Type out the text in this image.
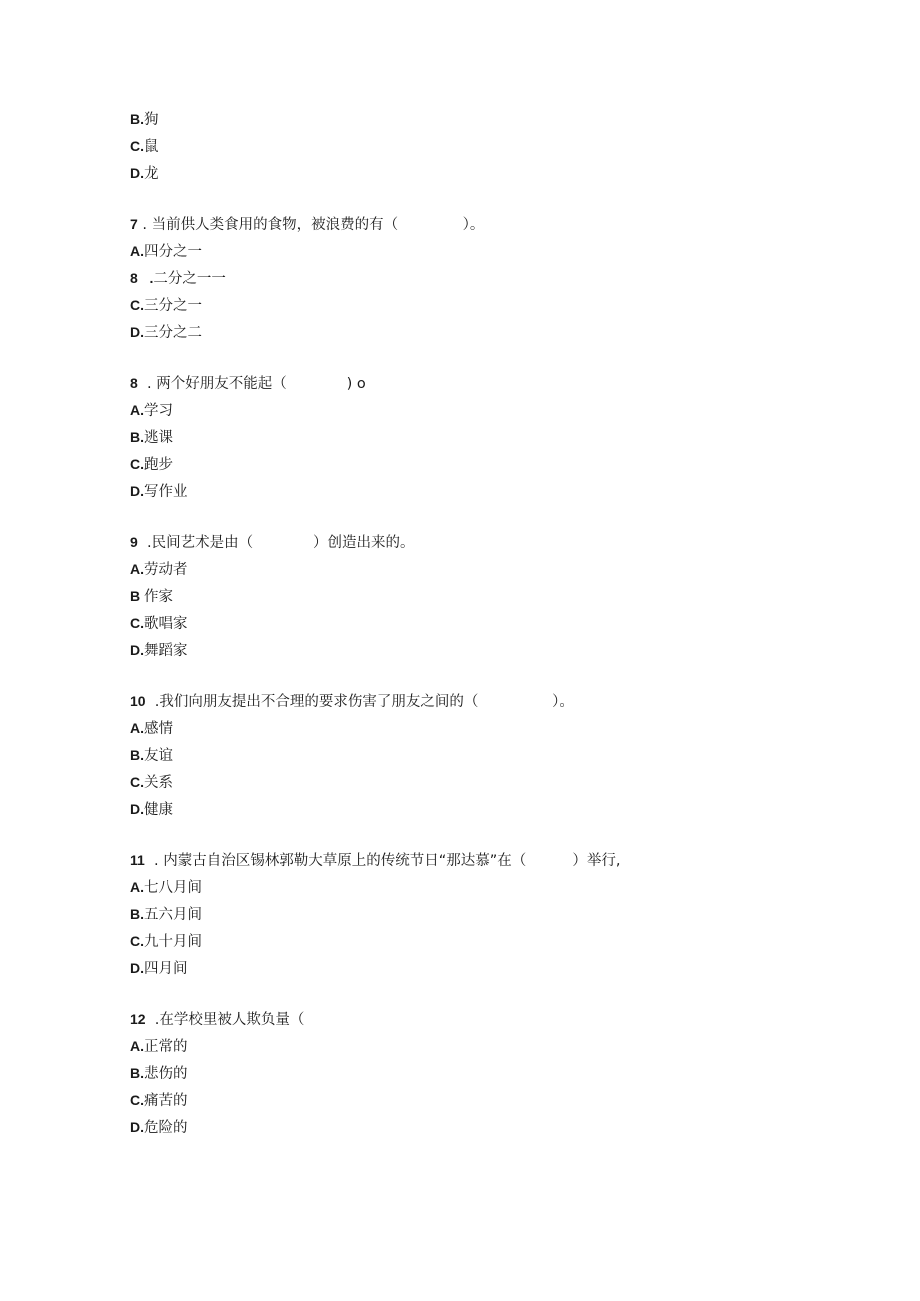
B.狗
C.鼠
D.龙
7 . 当前供人类食用的食物，被浪费的有（              ）。
A.四分之一
8   .二分之一一
C.三分之一
D.三分之二
8  . 两个好朋友不能起（             ) o
A.学习
B.逃课
C.跑步
D.写作业
9  .民间艺术是由（             ）创造出来的。
A.劳动者
B 作家
C.歌唱家
D.舞蹈家
10  .我们向朋友提出不合理的要求伤害了朋友之间的（                ）。
A.感情
B.友谊
C.关系
D.健康
11  . 内蒙古自治区锡林郭勒大草原上的传统节日“那达慕”在（          ）举行,
A.七八月间
B.五六月间
C.九十月间
D.四月间
12  .在学校里被人欺负量（
A.正常的
B.悲伤的
C.痛苦的
D.危险的
